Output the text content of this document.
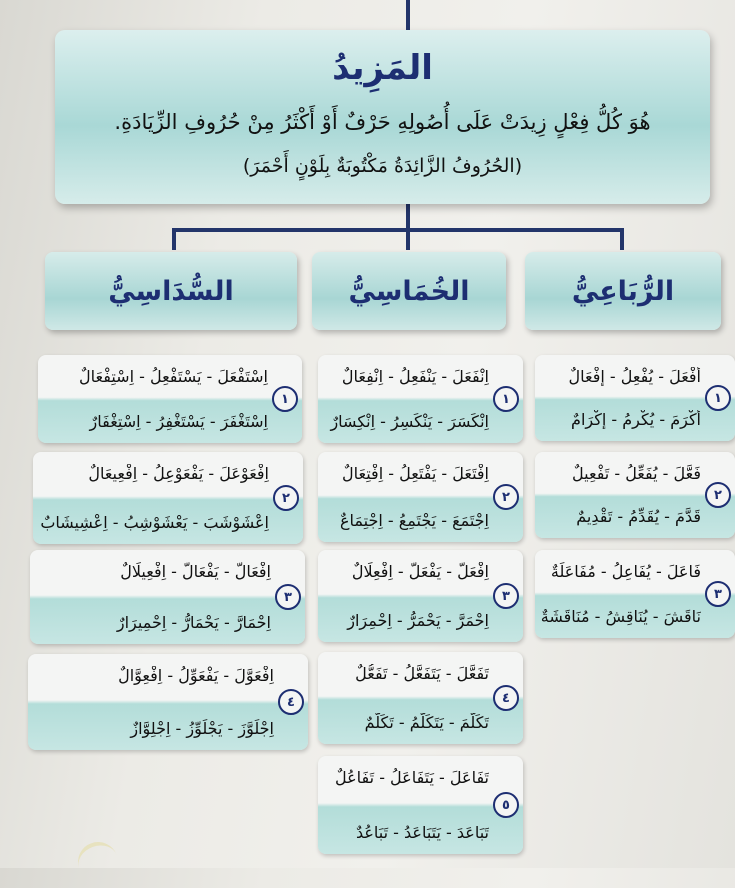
المَزِيدُ
هُوَ كُلُّ فِعْلٍ زِيدَتْ عَلَى أُصُولِهِ حَرْفٌ أَوْ أَكْثَرُ مِنْ حُرُوفِ الزِّيَادَةِ.
(الحُرُوفُ الزَّائِدَةُ مَكْتُوبَةٌ بِلَوْنٍ أَحْمَرَ)
الرُّبَاعِيُّ
الخُمَاسِيُّ
السُّدَاسِيُّ
أَفْعَلَ - يُفْعِلُ - إِفْعَالٌ
أَكْرَمَ - يُكْرِمُ - إِكْرَامٌ
١
فَعَّلَ - يُفَعِّلُ - تَفْعِيلٌ
قَدَّمَ - يُقَدِّمُ - تَقْدِيمٌ
٢
فَاعَلَ - يُفَاعِلُ - مُفَاعَلَةٌ
نَاقَشَ - يُنَاقِشُ - مُنَاقَشَةٌ
٣
اِنْفَعَلَ - يَنْفَعِلُ - اِنْفِعَالٌ
اِنْكَسَرَ - يَنْكَسِرُ - اِنْكِسَارٌ
١
اِفْتَعَلَ - يَفْتَعِلُ - اِفْتِعَالٌ
اِجْتَمَعَ - يَجْتَمِعُ - اِجْتِمَاعٌ
٢
اِفْعَلَّ - يَفْعَلُّ - اِفْعِلَالٌ
اِحْمَرَّ - يَحْمَرُّ - اِحْمِرَارٌ
٣
تَفَعَّلَ - يَتَفَعَّلُ - تَفَعُّلٌ
تَكَلَّمَ - يَتَكَلَّمُ - تَكَلُّمٌ
٤
تَفَاعَلَ - يَتَفَاعَلُ - تَفَاعُلٌ
تَبَاعَدَ - يَتَبَاعَدُ - تَبَاعُدٌ
٥
اِسْتَفْعَلَ - يَسْتَفْعِلُ - اِسْتِفْعَالٌ
اِسْتَغْفَرَ - يَسْتَغْفِرُ - اِسْتِغْفَارٌ
١
اِفْعَوْعَلَ - يَفْعَوْعِلُ - اِفْعِيعَالٌ
اِعْشَوْشَبَ - يَعْشَوْشِبُ - اِعْشِيشَابٌ
٢
اِفْعَالَّ - يَفْعَالُّ - اِفْعِيلَالٌ
اِحْمَارَّ - يَحْمَارُّ - اِحْمِيرَارٌ
٣
اِفْعَوَّلَ - يَفْعَوِّلُ - اِفْعِوَّالٌ
اِجْلَوَّزَ - يَجْلَوِّزُ - اِجْلِوَّازٌ
٤
